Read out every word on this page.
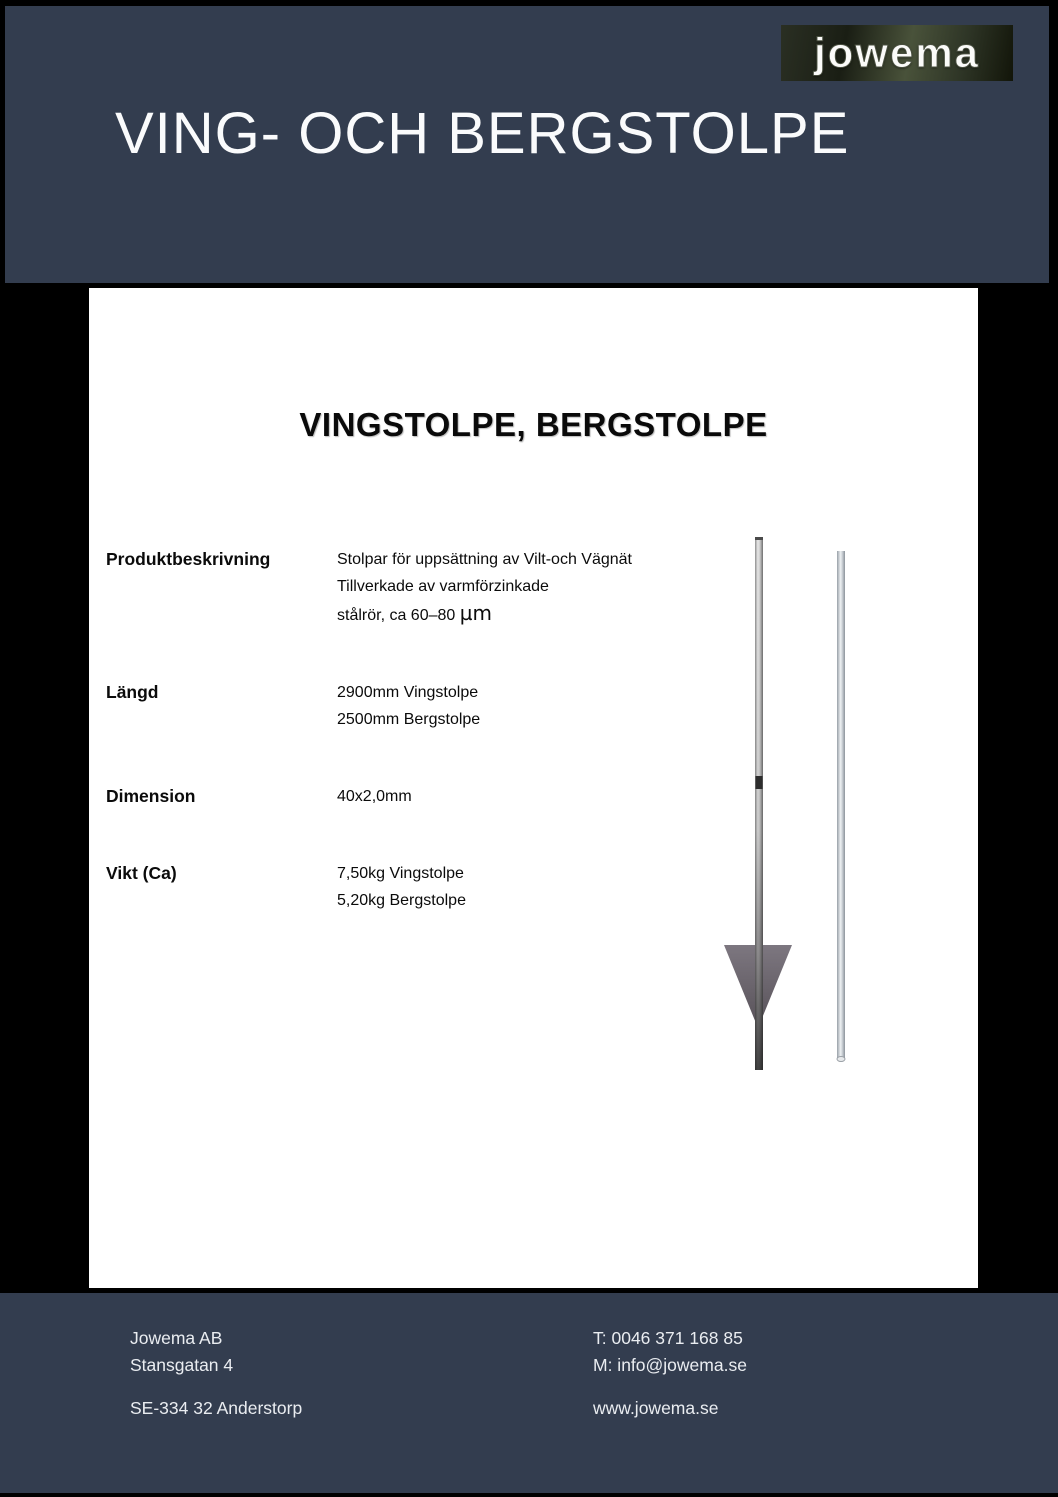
VING- OCH BERGSTOLPE
jowema
VINGSTOLPE, BERGSTOLPE
Produktbeskrivning	Stolpar för uppsättning av Vilt-och Vägnät
Tillverkade av varmförzinkade
stålrör, ca 60–80 µm
Längd	2900mm Vingstolpe
2500mm Bergstolpe
Dimension	40x2,0mm
Vikt (Ca)	7,50kg Vingstolpe
5,20kg Bergstolpe
Jowema AB
Stansgatan 4
SE-334 32 Anderstorp
T: 0046 371 168 85
M: info@jowema.se
www.jowema.se
